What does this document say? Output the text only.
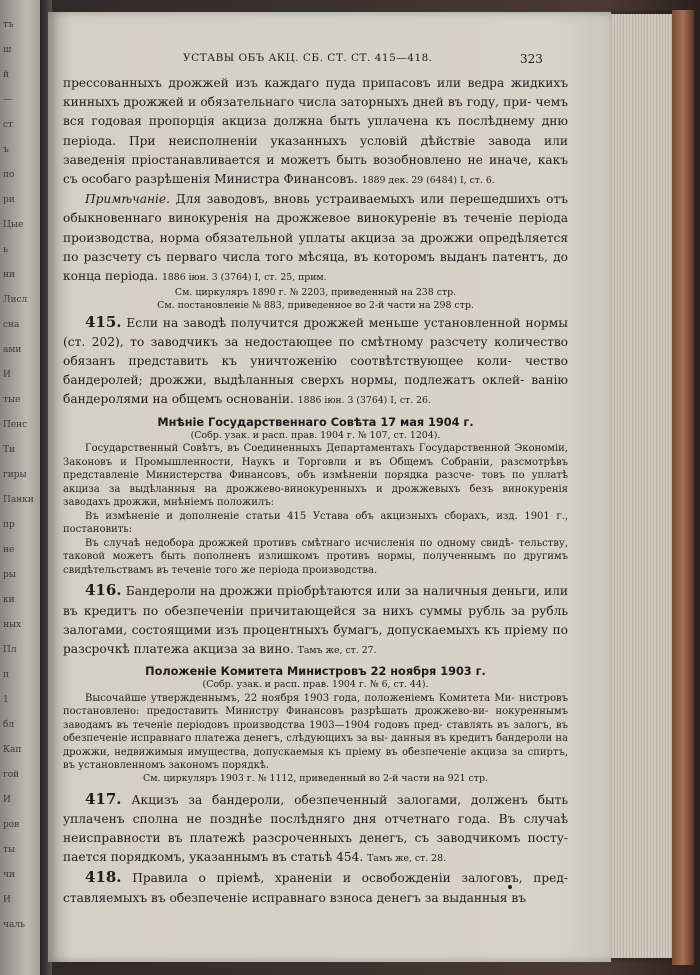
тъ
ш
й
—
ст
ъ
по
ри
Цые
ь
ни
Лисл
сна
ами
И
тые
Пенс
Ти
гиры
Панки
пр
не
ры
ки
ных
Пл
п
1
бл
Кап
гой
И
ров
ты
чи
И
чаль
УСТАВЫ ОБЪ АКЦ. СБ. СТ. СТ. 415—418.	323

прессованныхъ дрожжей изъ каждаго пуда припасовъ или ведра жидкихъ кинныхъ дрожжей и обязательнаго числа заторныхъ дней въ году, при- чемъ вся годовая пропорція акциза должна быть уплачена къ послѣднему дню періода. При неисполненіи указанныхъ условій дѣйствіе завода или заведенія пріостанавливается и можетъ быть возобновлено не иначе, какъ съ особаго разрѣшенія Министра Финансовъ. 1889 дек. 29 (6484) I, ст. 6.

Примѣчаніе. Для заводовъ, вновь устраиваемыхъ или перешедшихъ отъ обыкновеннаго винокуренія на дрожжевое винокуреніе въ теченіе періода производства, норма обязательной уплаты акциза за дрожжи опредѣляется по разсчету съ перваго числа того мѣсяца, въ которомъ выданъ патентъ, до конца періода. 1886 іюн. 3 (3764) I, ст. 25, прим.

См. циркуляръ 1890 г. № 2203, приведенный на 238 стр.
См. постановленіе № 883, приведенное во 2-й части на 298 стр.

415. Если на заводѣ получится дрожжей меньше установленной нормы (ст. 202), то заводчикъ за недостающее по смѣтному разсчету количество обязанъ представить къ уничтоженію соотвѣтствующее коли- чество бандеролей; дрожжи, выдѣланныя сверхъ нормы, подлежатъ оклей- ванію бандеролями на общемъ основаніи. 1886 іюн. 3 (3764) I, ст. 26.

Мнѣніе Государственнаго Совѣта 17 мая 1904 г.
(Собр. узак. и расп. прав. 1904 г. № 107, ст. 1204).

Государственный Совѣтъ, въ Соединенныхъ Департаментахъ Государственной Экономіи, Законовъ и Промышленности, Наукъ и Торговли и въ Общемъ Собраніи, разсмотрѣвъ представленіе Министерства Финансовъ, объ измѣненіи порядка разсче- товъ по уплатѣ акциза за выдѣланныя на дрожжево-винокуренныхъ и дрожжевыхъ безъ винокуренія заводахъ дрожжи, мнѣніемъ положилъ:

Въ измѣненіе и дополненіе статьи 415 Устава объ акцизныхъ сборахъ, изд. 1901 г., постановить:

Въ случаѣ недобора дрожжей противъ смѣтнаго исчисленія по одному свидѣ- тельству, таковой можетъ быть пополненъ излишкомъ противъ нормы, полученнымъ по другимъ свидѣтельствамъ въ теченіе того же періода производства.

416. Бандероли на дрожжи пріобрѣтаются или за наличныя деньги, или въ кредитъ по обезпеченіи причитающейся за нихъ суммы рубль за рубль залогами, состоящими изъ процентныхъ бумагъ, допускаемыхъ къ пріему по разсрочкѣ платежа акциза за вино. Тамъ же, ст. 27.

Положеніе Комитета Министровъ 22 ноября 1903 г.
(Собр. узак. и расп. прав. 1904 г. № 6, ст. 44).

Высочайше утвержденнымъ, 22 ноября 1903 года, положеніемъ Комитета Ми- нистровъ постановлено: предоставить Министру Финансовъ разрѣшать дрожжево-ви- нокуреннымъ заводамъ въ теченіе періодовъ производства 1903—1904 годовъ пред- ставлять въ залогъ, въ обезпеченіе исправнаго платежа денегъ, слѣдующихъ за вы- данныя въ кредитъ бандероли на дрожжи, недвижимыя имущества, допускаемыя къ пріему въ обезпеченіе акциза за спиртъ, въ установленномъ закономъ порядкѣ.

См. циркуляръ 1903 г. № 1112, приведенный во 2-й части на 921 стр.

417. Акцизъ за бандероли, обезпеченный залогами, долженъ быть уплаченъ сполна не позднѣе послѣдняго дня отчетнаго года. Въ случаѣ неисправности въ платежѣ разсроченныхъ денегъ, съ заводчикомъ посту- пается порядкомъ, указаннымъ въ статьѣ 454. Тамъ же, ст. 28.

418. Правила о пріемѣ, храненіи и освобожденіи залоговъ, пред- ставляемыхъ въ обезпеченіе исправнаго взноса денегъ за выданныя въ
